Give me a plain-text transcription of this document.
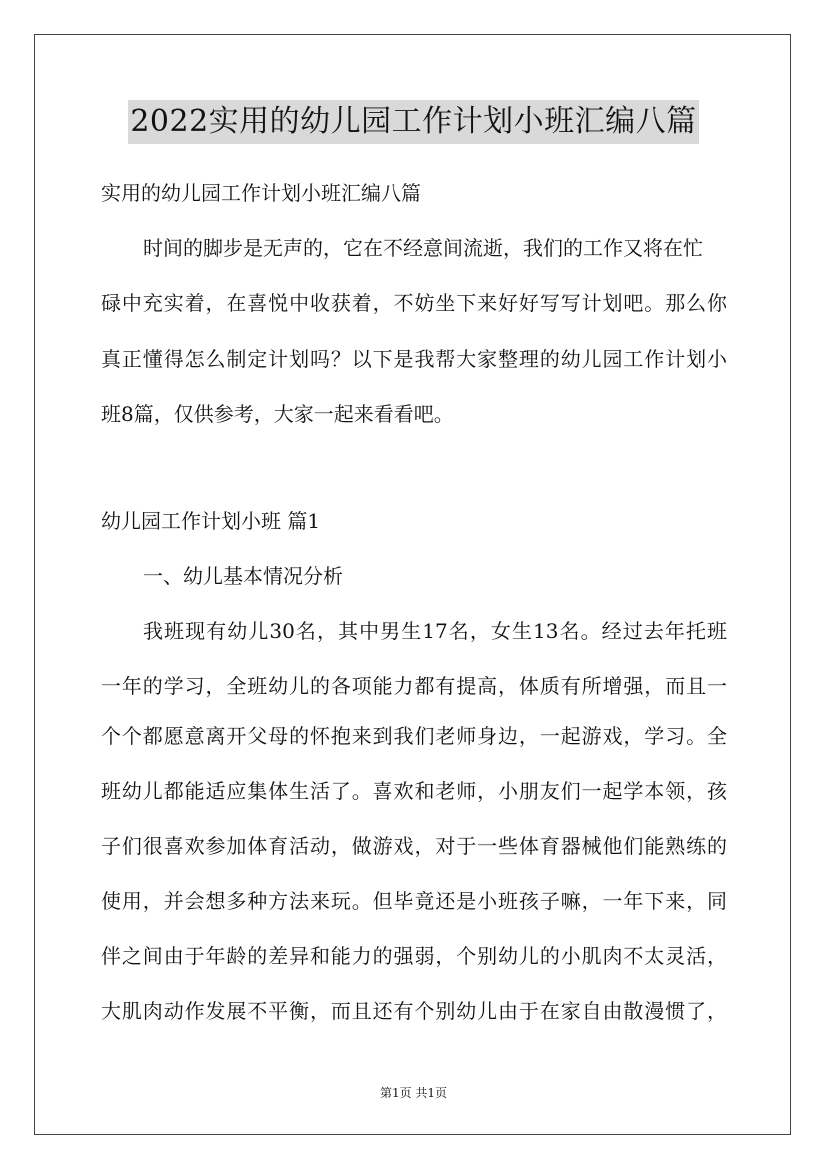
2022实用的幼儿园工作计划小班汇编八篇
实用的幼儿园工作计划小班汇编八篇
时间的脚步是无声的，它在不经意间流逝，我们的工作又将在忙
碌中充实着，在喜悦中收获着，不妨坐下来好好写写计划吧。那么你
真正懂得怎么制定计划吗？以下是我帮大家整理的幼儿园工作计划小
班8篇，仅供参考，大家一起来看看吧。
幼儿园工作计划小班 篇1
一、幼儿基本情况分析
我班现有幼儿30名，其中男生17名，女生13名。经过去年托班
一年的学习，全班幼儿的各项能力都有提高，体质有所增强，而且一
个个都愿意离开父母的怀抱来到我们老师身边，一起游戏，学习。全
班幼儿都能适应集体生活了。喜欢和老师，小朋友们一起学本领，孩
子们很喜欢参加体育活动，做游戏，对于一些体育器械他们能熟练的
使用，并会想多种方法来玩。但毕竟还是小班孩子嘛，一年下来，同
伴之间由于年龄的差异和能力的强弱，个别幼儿的小肌肉不太灵活，
大肌肉动作发展不平衡，而且还有个别幼儿由于在家自由散漫惯了，
第1页 共1页
